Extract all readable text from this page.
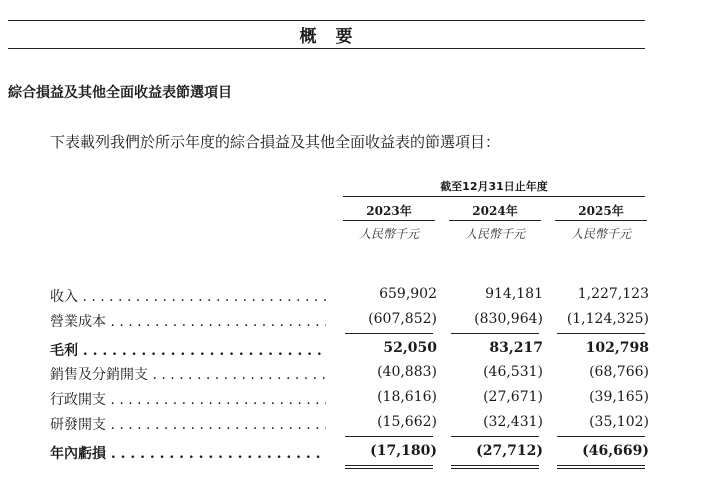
概　要
綜合損益及其他全面收益表節選項目
下表載列我們於所示年度的綜合損益及其他全面收益表的節選項目：
截至12月31日止年度
2023年	2024年	2025年
人民幣千元	人民幣千元	人民幣千元
收入 . . .	659,902	914,181	1,227,123
營業成本 . . .	(607,852)	(830,964)	(1,124,325)
毛利 . . .	52,050	83,217	102,798
銷售及分銷開支 . . .	(40,883)	(46,531)	(68,766)
行政開支 . . .	(18,616)	(27,671)	(39,165)
研發開支 . . .	(15,662)	(32,431)	(35,102)
年內虧損 . . .	(17,180)	(27,712)	(46,669)
